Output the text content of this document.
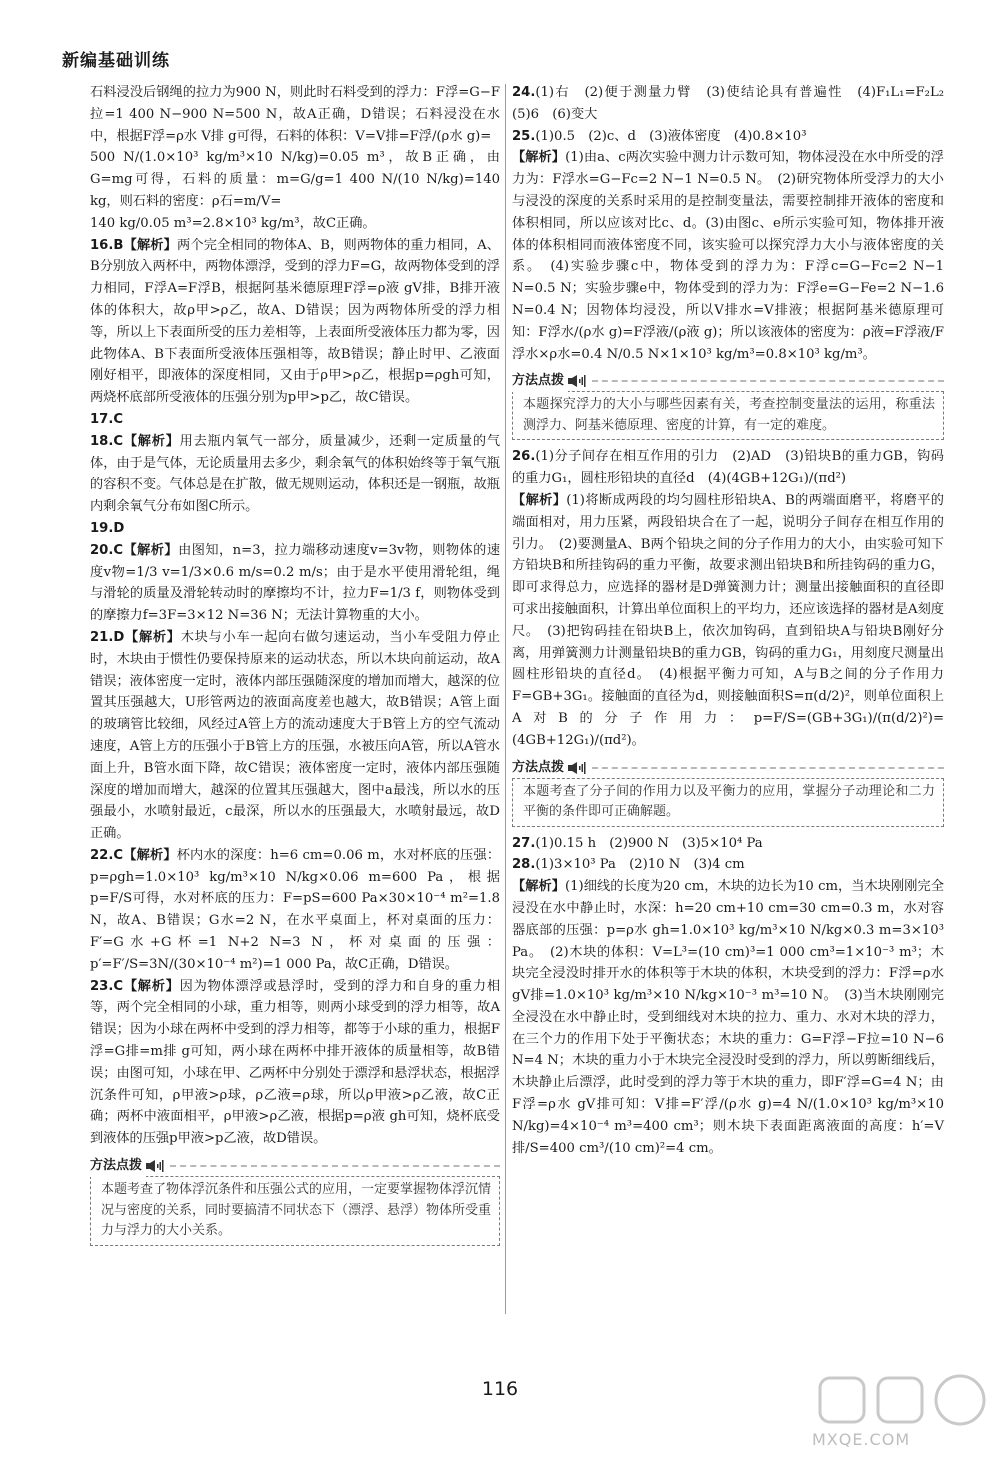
新编基础训练

石料浸没后钢绳的拉力为900 N，则此时石料受到的浮力：F浮=G−F拉=1 400 N−900 N=500 N，故A正确，D错误；石料浸没在水中，根据F浮=ρ水 V排 g可得，石料的体积：V=V排=F浮/(ρ水 g)=

500 N/(1.0×10³ kg/m³×10 N/kg)=0.05 m³，故B正确，由G=mg可得，石料的质量：m=G/g=1 400 N/(10 N/kg)=140 kg，则石料的密度：ρ石=m/V=

140 kg/0.05 m³=2.8×10³ kg/m³，故C正确。

16.B【解析】两个完全相同的物体A、B，则两物体的重力相同，A、B分别放入两杯中，两物体漂浮，受到的浮力F=G，故两物体受到的浮力相同，F浮A=F浮B，根据阿基米德原理F浮=ρ液 gV排，B排开液体的体积大，故ρ甲>ρ乙，故A、D错误；因为两物体所受的浮力相等，所以上下表面所受的压力差相等，上表面所受液体压力都为零，因此物体A、B下表面所受液体压强相等，故B错误；静止时甲、乙液面刚好相平，即液体的深度相同，又由于ρ甲>ρ乙，根据p=ρgh可知，两烧杯底部所受液体的压强分别为p甲>p乙，故C错误。

17.C

18.C【解析】用去瓶内氧气一部分，质量减少，还剩一定质量的气体，由于是气体，无论质量用去多少，剩余氧气的体积始终等于氧气瓶的容积不变。气体总是在扩散，做无规则运动，体积还是一钢瓶，故瓶内剩余氧气分布如图C所示。

19.D

20.C【解析】由图知，n=3，拉力端移动速度v=3v物，则物体的速度v物=1/3 v=1/3×0.6 m/s=0.2 m/s；由于是水平使用滑轮组，绳与滑轮的质量及滑轮转动时的摩擦均不计，拉力F=1/3 f，则物体受到的摩擦力f=3F=3×12 N=36 N；无法计算物重的大小。

21.D【解析】木块与小车一起向右做匀速运动，当小车受阻力停止时，木块由于惯性仍要保持原来的运动状态，所以木块向前运动，故A错误；液体密度一定时，液体内部压强随深度的增加而增大，越深的位置其压强越大，U形管两边的液面高度差也越大，故B错误；A管上面的玻璃管比较细，风经过A管上方的流动速度大于B管上方的空气流动速度，A管上方的压强小于B管上方的压强，水被压向A管，所以A管水面上升，B管水面下降，故C错误；液体密度一定时，液体内部压强随深度的增加而增大，越深的位置其压强越大，图中a最浅，所以水的压强最小，水喷射最近，c最深，所以水的压强最大，水喷射最远，故D正确。

22.C【解析】杯内水的深度：h=6 cm=0.06 m，水对杯底的压强：p=ρgh=1.0×10³ kg/m³×10 N/kg×0.06 m=600 Pa，根据p=F/S可得，水对杯底的压力：F=pS=600 Pa×30×10⁻⁴ m²=1.8 N，故A、B错误；G水=2 N，在水平桌面上，杯对桌面的压力：F′=G水+G杯=1 N+2 N=3 N，杯对桌面的压强：p′=F′/S=3N/(30×10⁻⁴ m²)=1 000 Pa，故C正确，D错误。

23.C【解析】因为物体漂浮或悬浮时，受到的浮力和自身的重力相等，两个完全相同的小球，重力相等，则两小球受到的浮力相等，故A错误；因为小球在两杯中受到的浮力相等，都等于小球的重力，根据F浮=G排=m排 g可知，两小球在两杯中排开液体的质量相等，故B错误；由图可知，小球在甲、乙两杯中分别处于漂浮和悬浮状态，根据浮沉条件可知，ρ甲液>ρ球，ρ乙液=ρ球，所以ρ甲液>ρ乙液，故C正确；两杯中液面相平，ρ甲液>ρ乙液，根据p=ρ液 gh可知，烧杯底受到液体的压强p甲液>p乙液，故D错误。

方法点拨
本题考查了物体浮沉条件和压强公式的应用，一定要掌握物体浮沉情况与密度的关系，同时要搞清不同状态下（漂浮、悬浮）物体所受重力与浮力的大小关系。

24.(1)右　(2)便于测量力臂　(3)使结论具有普遍性　(4)F₁L₁=F₂L₂　(5)6　(6)变大

25.(1)0.5　(2)c、d　(3)液体密度　(4)0.8×10³

【解析】(1)由a、c两次实验中测力计示数可知，物体浸没在水中所受的浮力为：F浮水=G−Fc=2 N−1 N=0.5 N。　(2)研究物体所受浮力的大小与浸没的深度的关系时采用的是控制变量法，需要控制排开液体的密度和体积相同，所以应该对比c、d。(3)由图c、e所示实验可知，物体排开液体的体积相同而液体密度不同，该实验可以探究浮力大小与液体密度的关系。　(4)实验步骤c中，物体受到的浮力为：F浮c=G−Fc=2 N−1 N=0.5 N；实验步骤e中，物体受到的浮力为：F浮e=G−Fe=2 N−1.6 N=0.4 N；因物体均浸没，所以V排水=V排液；根据阿基米德原理可知：F浮水/(ρ水 g)=F浮液/(ρ液 g)；所以该液体的密度为：ρ液=F浮液/F浮水×ρ水=0.4 N/0.5 N×1×10³ kg/m³=0.8×10³ kg/m³。

方法点拨
本题探究浮力的大小与哪些因素有关，考查控制变量法的运用，称重法测浮力、阿基米德原理、密度的计算，有一定的难度。

26.(1)分子间存在相互作用的引力　(2)AD　(3)铅块B的重力GB，钩码的重力G₁，圆柱形铅块的直径d　(4)(4GB+12G₁)/(πd²)

【解析】(1)将断成两段的均匀圆柱形铅块A、B的两端面磨平，将磨平的端面相对，用力压紧，两段铅块合在了一起，说明分子间存在相互作用的引力。　(2)要测量A、B两个铅块之间的分子作用力的大小，由实验可知下方铅块B和所挂钩码的重力平衡，故要求测出铅块B和所挂钩码的重力G，即可求得总力，应选择的器材是D弹簧测力计；测量出接触面积的直径即可求出接触面积，计算出单位面积上的平均力，还应该选择的器材是A刻度尺。　(3)把钩码挂在铅块B上，依次加钩码，直到铅块A与铅块B刚好分离，用弹簧测力计测量铅块B的重力GB，钩码的重力G₁，用刻度尺测量出圆柱形铅块的直径d。　(4)根据平衡力可知，A与B之间的分子作用力F=GB+3G₁。接触面的直径为d，则接触面积S=π(d/2)²，则单位面积上A对B的分子作用力：p=F/S=(GB+3G₁)/(π(d/2)²)=(4GB+12G₁)/(πd²)。

方法点拨
本题考查了分子间的作用力以及平衡力的应用，掌握分子动理论和二力平衡的条件即可正确解题。

27.(1)0.15 h　(2)900 N　(3)5×10⁴ Pa

28.(1)3×10³ Pa　(2)10 N　(3)4 cm

【解析】(1)细线的长度为20 cm，木块的边长为10 cm，当木块刚刚完全浸没在水中静止时，水深：h=20 cm+10 cm=30 cm=0.3 m，水对容器底部的压强：p=ρ水 gh=1.0×10³ kg/m³×10 N/kg×0.3 m=3×10³ Pa。　(2)木块的体积：V=L³=(10 cm)³=1 000 cm³=1×10⁻³ m³；木块完全浸没时排开水的体积等于木块的体积，木块受到的浮力：F浮=ρ水 gV排=1.0×10³ kg/m³×10 N/kg×10⁻³ m³=10 N。　(3)当木块刚刚完全浸没在水中静止时，受到细线对木块的拉力、重力、水对木块的浮力，在三个力的作用下处于平衡状态；木块的重力：G=F浮−F拉=10 N−6 N=4 N；木块的重力小于木块完全浸没时受到的浮力，所以剪断细线后，木块静止后漂浮，此时受到的浮力等于木块的重力，即F′浮=G=4 N；由F浮=ρ水 gV排可知：V排=F′浮/(ρ水 g)=4 N/(1.0×10³ kg/m³×10 N/kg)=4×10⁻⁴ m³=400 cm³；则木块下表面距离液面的高度：h′=V排/S=400 cm³/(10 cm)²=4 cm。

116
MXQE.COM
